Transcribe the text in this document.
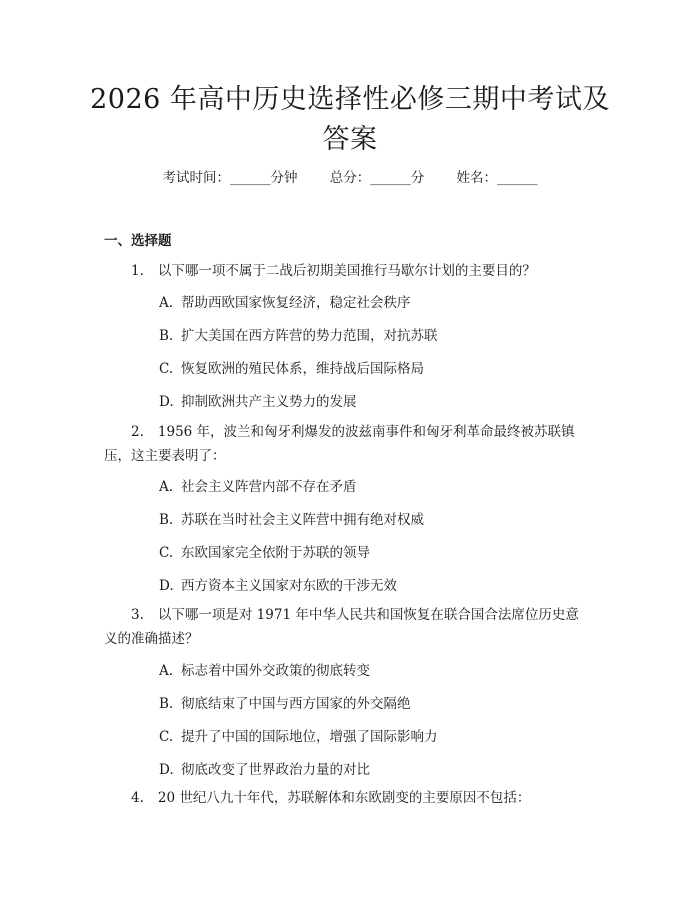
2026 年高中历史选择性必修三期中考试及答案
考试时间：______分钟 总分：______分 姓名：______
一、选择题

1. 以下哪一项不属于二战后初期美国推行马歇尔计划的主要目的？

A. 帮助西欧国家恢复经济，稳定社会秩序
B. 扩大美国在西方阵营的势力范围，对抗苏联
C. 恢复欧洲的殖民体系，维持战后国际格局
D. 抑制欧洲共产主义势力的发展

2. 1956 年，波兰和匈牙利爆发的波兹南事件和匈牙利革命最终被苏联镇压，这主要表明了：

A. 社会主义阵营内部不存在矛盾
B. 苏联在当时社会主义阵营中拥有绝对权威
C. 东欧国家完全依附于苏联的领导
D. 西方资本主义国家对东欧的干涉无效

3. 以下哪一项是对 1971 年中华人民共和国恢复在联合国合法席位历史意义的准确描述？

A. 标志着中国外交政策的彻底转变
B. 彻底结束了中国与西方国家的外交隔绝
C. 提升了中国的国际地位，增强了国际影响力
D. 彻底改变了世界政治力量的对比

4. 20 世纪八九十年代，苏联解体和东欧剧变的主要原因不包括：
